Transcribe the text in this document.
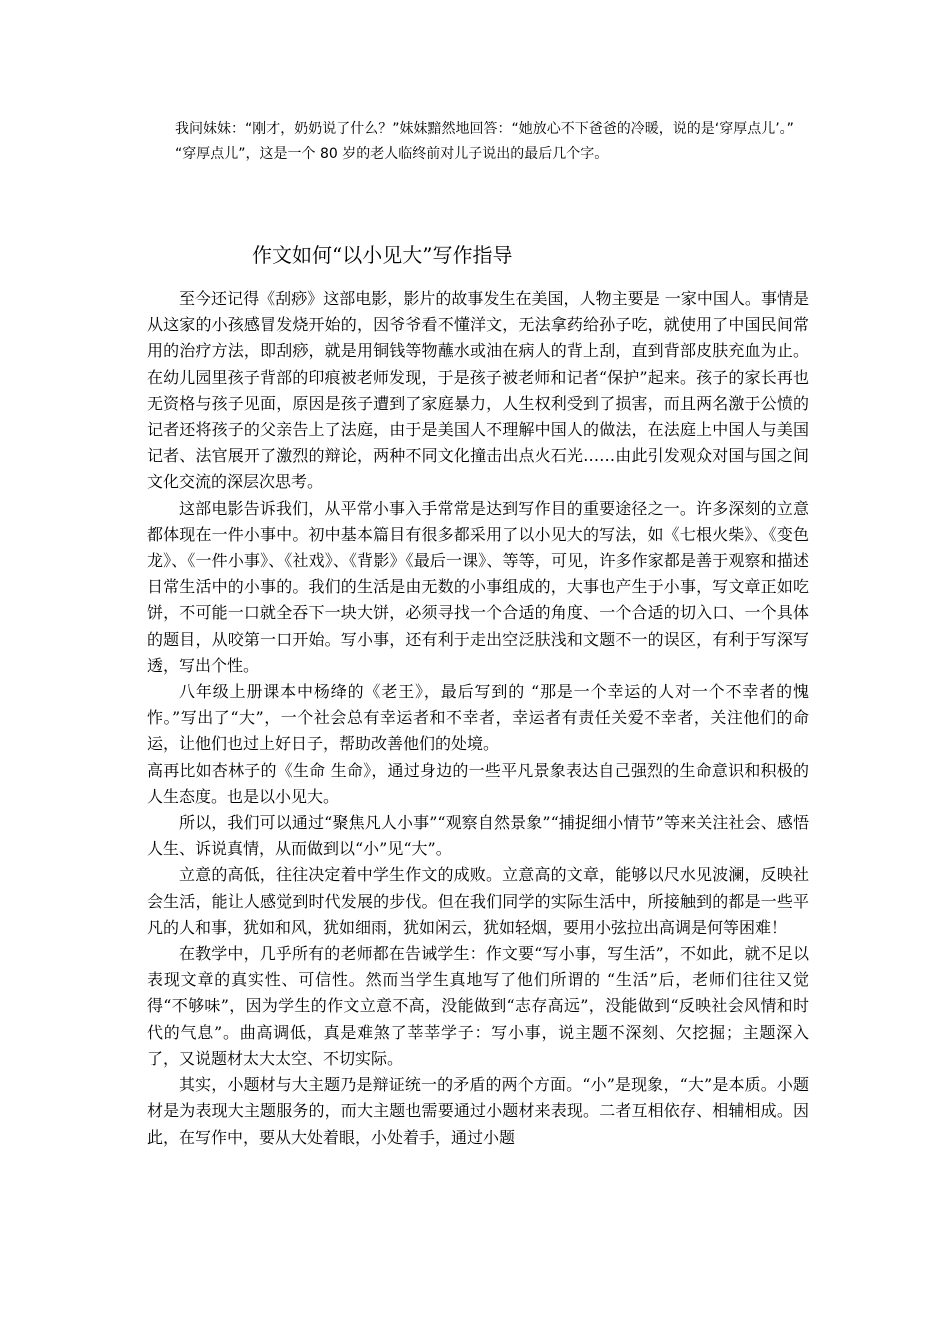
我问妹妹：“刚才，奶奶说了什么？”妹妹黯然地回答：“她放心不下爸爸的冷暖，说的是‘穿厚点儿’。”

“穿厚点儿”，这是一个 80 岁的老人临终前对儿子说出的最后几个字。

作文如何“以小见大”写作指导

至今还记得《刮痧》这部电影，影片的故事发生在美国，人物主要是 一家中国人。事情是从这家的小孩感冒发烧开始的，因爷爷看不懂洋文，无法拿药给孙子吃，就使用了中国民间常用的治疗方法，即刮痧，就是用铜钱等物蘸水或油在病人的背上刮，直到背部皮肤充血为止。在幼儿园里孩子背部的印痕被老师发现，于是孩子被老师和记者“保护”起来。孩子的家长再也无资格与孩子见面，原因是孩子遭到了家庭暴力，人生权利受到了损害，而且两名激于公愤的记者还将孩子的父亲告上了法庭，由于是美国人不理解中国人的做法，在法庭上中国人与美国记者、法官展开了激烈的辩论，两种不同文化撞击出点火石光……由此引发观众对国与国之间文化交流的深层次思考。

这部电影告诉我们，从平常小事入手常常是达到写作目的重要途径之一。许多深刻的立意都体现在一件小事中。初中基本篇目有很多都采用了以小见大的写法，如《七根火柴》、《变色龙》、《一件小事》、《社戏》、《背影》《最后一课》、等等，可见，许多作家都是善于观察和描述日常生活中的小事的。我们的生活是由无数的小事组成的，大事也产生于小事，写文章正如吃饼，不可能一口就全吞下一块大饼，必须寻找一个合适的角度、一个合适的切入口、一个具体的题目，从咬第一口开始。写小事，还有利于走出空泛肤浅和文题不一的误区，有利于写深写透，写出个性。

八年级上册课本中杨绛的《老王》，最后写到的 “那是一个幸运的人对一个不幸者的愧怍。”写出了“大”，一个社会总有幸运者和不幸者，幸运者有责任关爱不幸者，关注他们的命运，让他们也过上好日子，帮助改善他们的处境。

高再比如杏林子的《生命 生命》，通过身边的一些平凡景象表达自己强烈的生命意识和积极的人生态度。也是以小见大。

所以，我们可以通过“聚焦凡人小事”“观察自然景象”“捕捉细小情节”等来关注社会、感悟人生、诉说真情，从而做到以“小”见“大”。

立意的高低，往往决定着中学生作文的成败。立意高的文章，能够以尺水见波澜，反映社会生活，能让人感觉到时代发展的步伐。但在我们同学的实际生活中，所接触到的都是一些平凡的人和事，犹如和风，犹如细雨，犹如闲云，犹如轻烟，要用小弦拉出高调是何等困难！

在教学中，几乎所有的老师都在告诫学生：作文要“写小事，写生活”，不如此，就不足以表现文章的真实性、可信性。然而当学生真地写了他们所谓的 “生活”后，老师们往往又觉得“不够味”，因为学生的作文立意不高，没能做到“志存高远”，没能做到“反映社会风情和时代的气息”。曲高调低，真是难煞了莘莘学子：写小事，说主题不深刻、欠挖掘；主题深入了，又说题材太大太空、不切实际。

其实，小题材与大主题乃是辩证统一的矛盾的两个方面。“小”是现象，“大”是本质。小题材是为表现大主题服务的，而大主题也需要通过小题材来表现。二者互相依存、相辅相成。因此，在写作中，要从大处着眼，小处着手，通过小题
